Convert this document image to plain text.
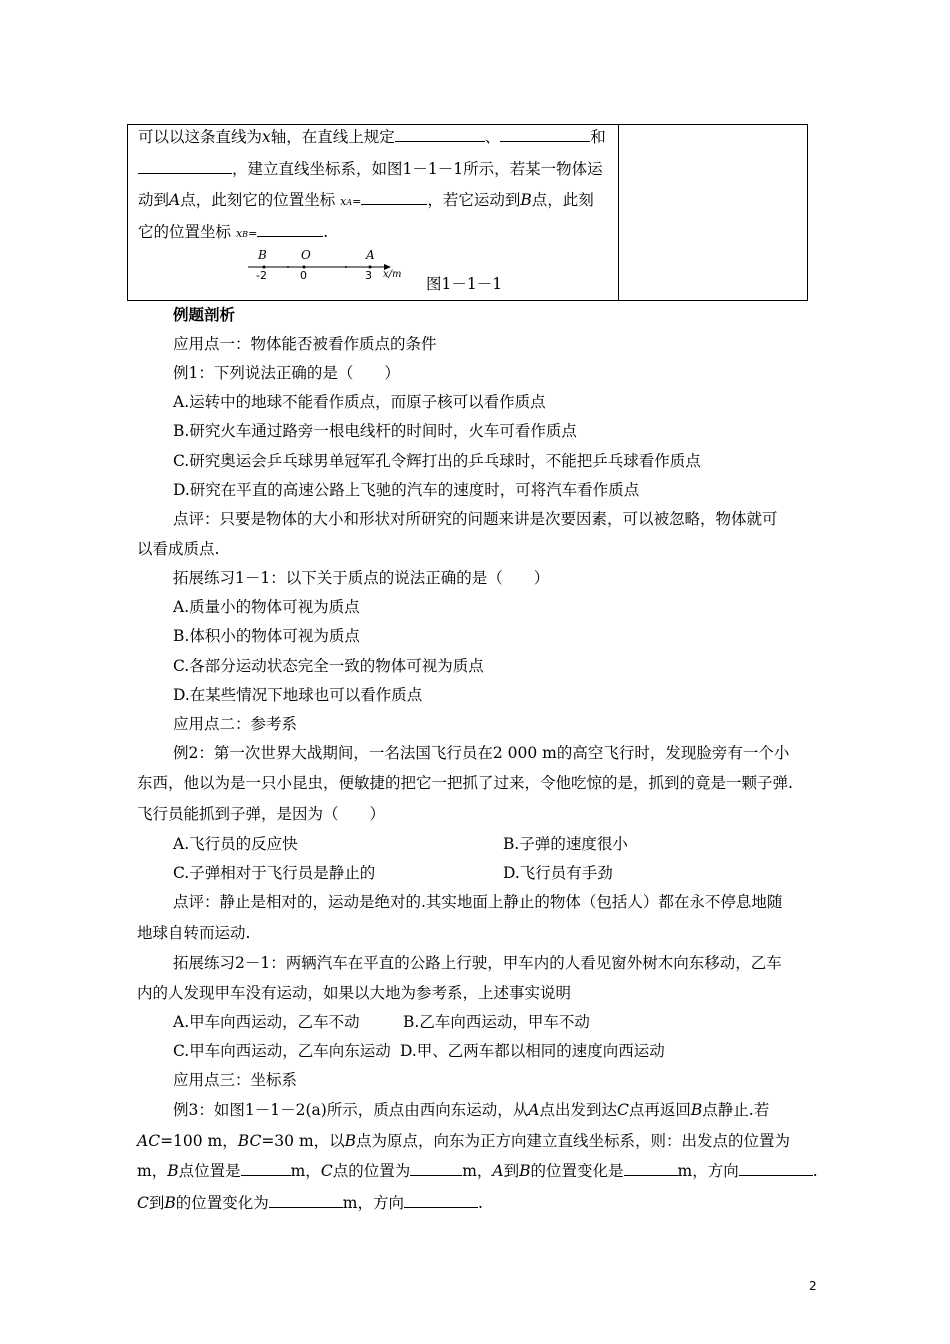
可以以这条直线为x轴，在直线上规定	、	和
，建立直线坐标系，如图1－1－1所示，若某一物体运
动到A点，此刻它的位置坐标 xA=	，若它运动到B点，此刻
它的位置坐标 xB=	.
B	O	A
-2	0	3 x/m
图1－1－1
例题剖析
应用点一：物体能否被看作质点的条件
例1：下列说法正确的是（　　）
A.运转中的地球不能看作质点，而原子核可以看作质点
B.研究火车通过路旁一根电线杆的时间时，火车可看作质点
C.研究奥运会乒乓球男单冠军孔令辉打出的乒乓球时，不能把乒乓球看作质点
D.研究在平直的高速公路上飞驰的汽车的速度时，可将汽车看作质点
点评：只要是物体的大小和形状对所研究的问题来讲是次要因素，可以被忽略，物体就可
以看成质点.
拓展练习1－1：以下关于质点的说法正确的是（　　）
A.质量小的物体可视为质点
B.体积小的物体可视为质点
C.各部分运动状态完全一致的物体可视为质点
D.在某些情况下地球也可以看作质点
应用点二：参考系
例2：第一次世界大战期间，一名法国飞行员在2 000 m的高空飞行时，发现脸旁有一个小
东西，他以为是一只小昆虫，便敏捷的把它一把抓了过来，令他吃惊的是，抓到的竟是一颗子弹.
飞行员能抓到子弹，是因为（　　）
A.飞行员的反应快	B.子弹的速度很小
C.子弹相对于飞行员是静止的	D.飞行员有手劲
点评：静止是相对的，运动是绝对的.其实地面上静止的物体（包括人）都在永不停息地随
地球自转而运动.
拓展练习2－1：两辆汽车在平直的公路上行驶，甲车内的人看见窗外树木向东移动，乙车
内的人发现甲车没有运动，如果以大地为参考系，上述事实说明
A.甲车向西运动，乙车不动	B.乙车向西运动，甲车不动
C.甲车向西运动，乙车向东运动 D.甲、乙两车都以相同的速度向西运动
应用点三：坐标系
例3：如图1－1－2(a)所示，质点由西向东运动，从A点出发到达C点再返回B点静止.若
AC=100 m，BC=30 m，以B点为原点，向东为正方向建立直线坐标系，则：出发点的位置为
m，B点位置是	m，C点的位置为	m，A到B的位置变化是	m，方向	.
C到B的位置变化为	m，方向	.
2
